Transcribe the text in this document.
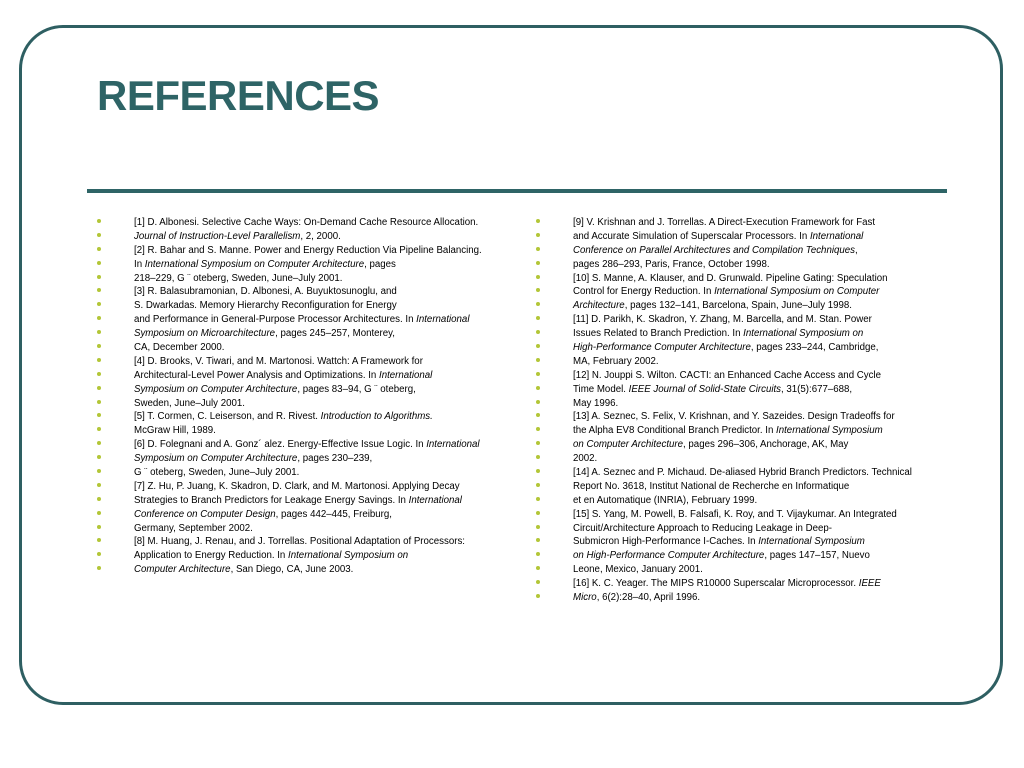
REFERENCES
[1] D. Albonesi. Selective Cache Ways: On-Demand Cache Resource Allocation.
Journal of Instruction-Level Parallelism, 2, 2000.
[2] R. Bahar and S. Manne. Power and Energy Reduction Via Pipeline Balancing.
In International Symposium on Computer Architecture, pages
218–229, G ¨ oteberg, Sweden, June–July 2001.
[3] R. Balasubramonian, D. Albonesi, A. Buyuktosunoglu, and
S. Dwarkadas. Memory Hierarchy Reconfiguration for Energy
and Performance in General-Purpose Processor Architectures. In International
Symposium on Microarchitecture, pages 245–257, Monterey,
CA, December 2000.
[4] D. Brooks, V. Tiwari, and M. Martonosi. Wattch: A Framework for
Architectural-Level Power Analysis and Optimizations. In International
Symposium on Computer Architecture, pages 83–94, G ¨ oteberg,
Sweden, June–July 2001.
[5] T. Cormen, C. Leiserson, and R. Rivest. Introduction to Algorithms.
McGraw Hill, 1989.
[6] D. Folegnani and A. Gonz´ alez. Energy-Effective Issue Logic. In International
Symposium on Computer Architecture, pages 230–239,
G ¨ oteberg, Sweden, June–July 2001.
[7] Z. Hu, P. Juang, K. Skadron, D. Clark, and M. Martonosi. Applying Decay
Strategies to Branch Predictors for Leakage Energy Savings. In International
Conference on Computer Design, pages 442–445, Freiburg,
Germany, September 2002.
[8] M. Huang, J. Renau, and J. Torrellas. Positional Adaptation of Processors:
Application to Energy Reduction. In International Symposium on
Computer Architecture, San Diego, CA, June 2003.
[9] V. Krishnan and J. Torrellas. A Direct-Execution Framework for Fast
and Accurate Simulation of Superscalar Processors. In International
Conference on Parallel Architectures and Compilation Techniques,
pages 286–293, Paris, France, October 1998.
[10] S. Manne, A. Klauser, and D. Grunwald. Pipeline Gating: Speculation
Control for Energy Reduction. In International Symposium on Computer
Architecture, pages 132–141, Barcelona, Spain, June–July 1998.
[11] D. Parikh, K. Skadron, Y. Zhang, M. Barcella, and M. Stan. Power
Issues Related to Branch Prediction. In International Symposium on
High-Performance Computer Architecture, pages 233–244, Cambridge,
MA, February 2002.
[12] N. Jouppi S. Wilton. CACTI: an Enhanced Cache Access and Cycle
Time Model. IEEE Journal of Solid-State Circuits, 31(5):677–688,
May 1996.
[13] A. Seznec, S. Felix, V. Krishnan, and Y. Sazeides. Design Tradeoffs for
the Alpha EV8 Conditional Branch Predictor. In International Symposium
on Computer Architecture, pages 296–306, Anchorage, AK, May
2002.
[14] A. Seznec and P. Michaud. De-aliased Hybrid Branch Predictors. Technical
Report No. 3618, Institut National de Recherche en Informatique
et en Automatique (INRIA), February 1999.
[15] S. Yang, M. Powell, B. Falsafi, K. Roy, and T. Vijaykumar. An Integrated
Circuit/Architecture Approach to Reducing Leakage in Deep-
Submicron High-Performance I-Caches. In International Symposium
on High-Performance Computer Architecture, pages 147–157, Nuevo
Leone, Mexico, January 2001.
[16] K. C. Yeager. The MIPS R10000 Superscalar Microprocessor. IEEE
Micro, 6(2):28–40, April 1996.
